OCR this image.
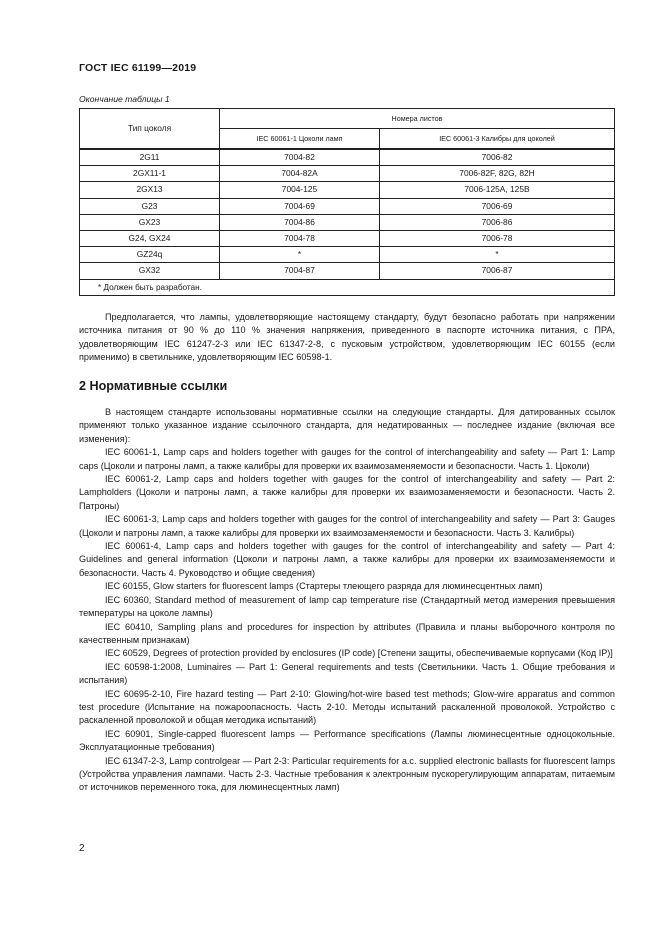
ГОСТ IEC 61199—2019
Окончание таблицы 1
Тип цоколя	Номера листов	
	IEC 60061-1 Цоколи ламп	IEC 60061-3 Калибры для цоколей
2G11	7004-82	7006-82
2GX11-1	7004-82A	7006-82F, 82G, 82H
2GX13	7004-125	7006-125A, 125B
G23	7004-69	7006-69
GX23	7004-86	7006-86
G24, GX24	7004-78	7006-78
GZ24q	*	*
GX32	7004-87	7006-87
* Должен быть разработан.		

Предполагается, что лампы, удовлетворяющие настоящему стандарту, будут безопасно работать при напряжении источника питания от 90 % до 110 % значения напряжения, приведенного в паспорте источника питания, с ПРА, удовлетворяющим IEC 61247-2-3 или IEC 61347-2-8, с пусковым устройством, удовлетворяющим IEC 60155 (если применимо) в светильнике, удовлетворяющим IEC 60598-1.

2 Нормативные ссылки

В настоящем стандарте использованы нормативные ссылки на следующие стандарты. Для датированных ссылок применяют только указанное издание ссылочного стандарта, для недатированных — последнее издание (включая все изменения):

IEC 60061-1, Lamp caps and holders together with gauges for the control of interchangeability and safety — Part 1: Lamp caps (Цоколи и патроны ламп, а также калибры для проверки их взаимозаменяемости и безопасности. Часть 1. Цоколи)

IEC 60061-2, Lamp caps and holders together with gauges for the control of interchangeability and safety — Part 2: Lampholders (Цоколи и патроны ламп, а также калибры для проверки их взаимозаменяемости и безопасности. Часть 2. Патроны)

IEC 60061-3, Lamp caps and holders together with gauges for the control of interchangeability and safety — Part 3: Gauges (Цоколи и патроны ламп, а также калибры для проверки их взаимозаменяемости и безопасности. Часть 3. Калибры)

IEC 60061-4, Lamp caps and holders together with gauges for the control of interchangeability and safety — Part 4: Guidelines and general information (Цоколи и патроны ламп, а также калибры для проверки их взаимозаменяемости и безопасности. Часть 4. Руководство и общие сведения)

IEC 60155, Glow starters for fluorescent lamps (Стартеры тлеющего разряда для люминесцентных ламп)

IEC 60360, Standard method of measurement of lamp cap temperature rise (Стандартный метод измерения превышения температуры на цоколе лампы)

IEC 60410, Sampling plans and procedures for inspection by attributes (Правила и планы выборочного контроля по качественным признакам)

IEC 60529, Degrees of protection provided by enclosures (IP code) [Степени защиты, обеспечиваемые корпусами (Код IP)]

IEC 60598-1:2008, Luminaires — Part 1: General requirements and tests (Светильники. Часть 1. Общие требования и испытания)

IEC 60695-2-10, Fire hazard testing — Part 2-10: Glowing/hot-wire based test methods; Glow-wire apparatus and common test procedure (Испытание на пожароопасность. Часть 2-10. Методы испытаний раскаленной проволокой. Устройство с раскаленной проволокой и общая методика испытаний)

IEC 60901, Single-capped fluorescent lamps — Performance specifications (Лампы люминесцентные одноцокольные. Эксплуатационные требования)

IEC 61347-2-3, Lamp controlgear — Part 2-3: Particular requirements for a.c. supplied electronic ballasts for fluorescent lamps (Устройства управления лампами. Часть 2-3. Частные требования к электронным пускорегулирующим аппаратам, питаемым от источников переменного тока, для люминесцентных ламп)

2
